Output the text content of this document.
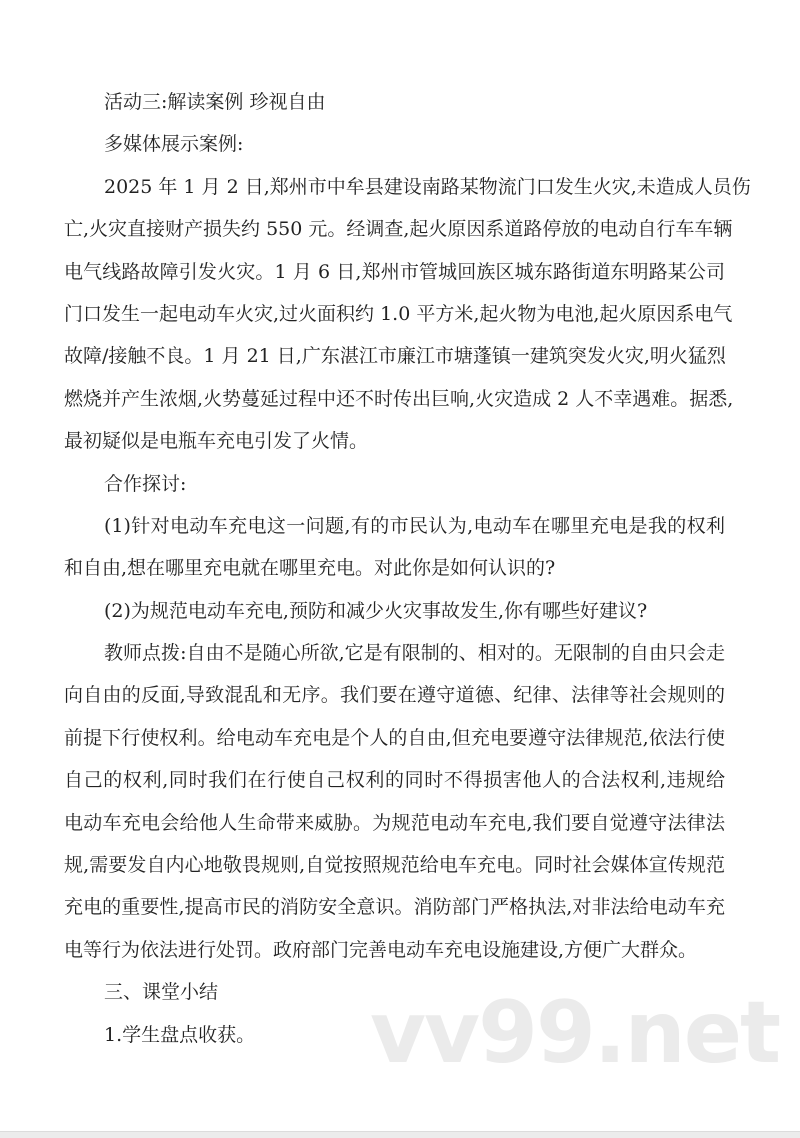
活动三:解读案例 珍视自由
多媒体展示案例:
2025 年 1 月 2 日,郑州市中牟县建设南路某物流门口发生火灾,未造成人员伤
亡,火灾直接财产损失约 550 元。经调查,起火原因系道路停放的电动自行车车辆
电气线路故障引发火灾。1 月 6 日,郑州市管城回族区城东路街道东明路某公司
门口发生一起电动车火灾,过火面积约 1.0 平方米,起火物为电池,起火原因系电气
故障/接触不良。1 月 21 日,广东湛江市廉江市塘蓬镇一建筑突发火灾,明火猛烈
燃烧并产生浓烟,火势蔓延过程中还不时传出巨响,火灾造成 2 人不幸遇难。据悉,
最初疑似是电瓶车充电引发了火情。
合作探讨:
(1)针对电动车充电这一问题,有的市民认为,电动车在哪里充电是我的权利
和自由,想在哪里充电就在哪里充电。对此你是如何认识的?
(2)为规范电动车充电,预防和减少火灾事故发生,你有哪些好建议?
教师点拨:自由不是随心所欲,它是有限制的、相对的。无限制的自由只会走
向自由的反面,导致混乱和无序。我们要在遵守道德、纪律、法律等社会规则的
前提下行使权利。给电动车充电是个人的自由,但充电要遵守法律规范,依法行使
自己的权利,同时我们在行使自己权利的同时不得损害他人的合法权利,违规给
电动车充电会给他人生命带来威胁。为规范电动车充电,我们要自觉遵守法律法
规,需要发自内心地敬畏规则,自觉按照规范给电车充电。同时社会媒体宣传规范
充电的重要性,提高市民的消防安全意识。消防部门严格执法,对非法给电动车充
电等行为依法进行处罚。政府部门完善电动车充电设施建设,方便广大群众。
三、课堂小结
1.学生盘点收获。	vv99.net
